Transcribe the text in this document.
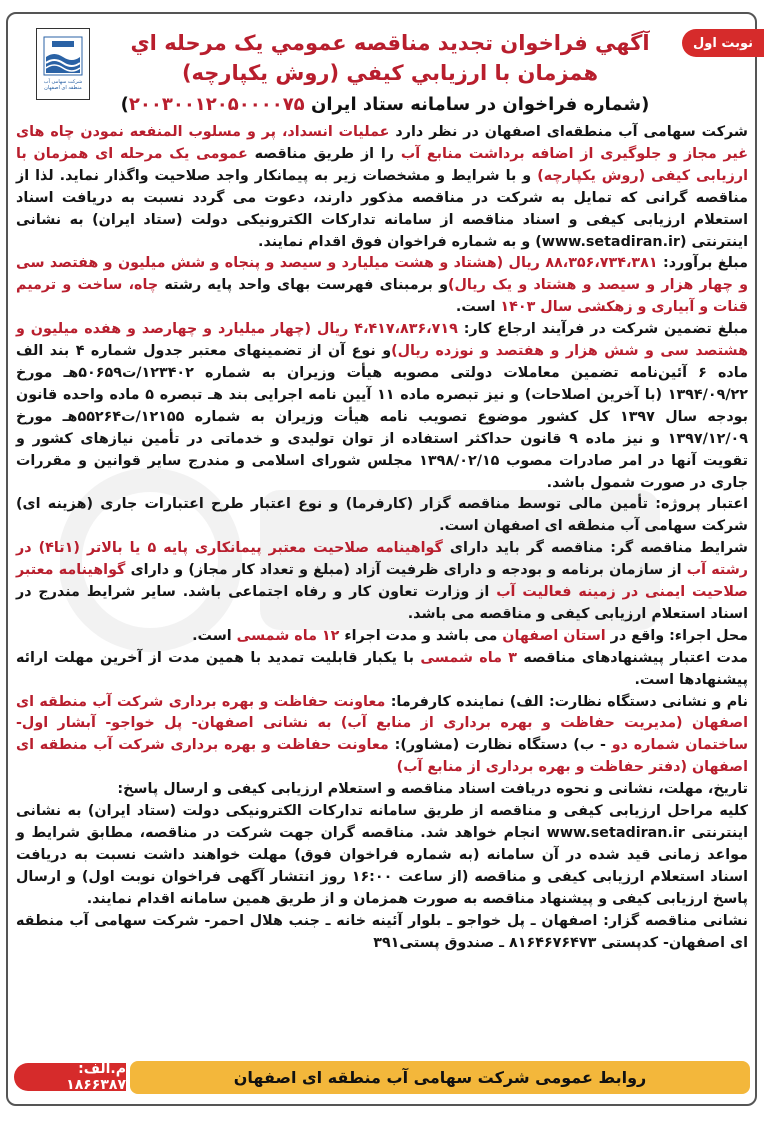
نوبت اول
شرکت سهامی آب منطقه ای اصفهان
آگهي فراخوان تجديد مناقصه عمومي يک مرحله اي
همزمان با ارزيابي کيفي (روش يکپارچه)
(شماره فراخوان در سامانه ستاد ايران ۲۰۰۳۰۰۱۲۰۵۰۰۰۰۷۵)

شرکت سهامی آب منطقه‌ای اصفهان در نظر دارد عملیات انسداد، پر و مسلوب المنفعه نمودن چاه های غیر مجاز و جلوگیری از اضافه برداشت منابع آب را از طریق مناقصه عمومی یک مرحله ای همزمان با ارزیابی کیفی (روش یکپارچه) و با شرایط و مشخصات زیر به پیمانکار واجد صلاحیت واگذار نماید. لذا از مناقصه گرانی که تمایل به شرکت در مناقصه مذکور دارند، دعوت می گردد نسبت به دریافت اسناد استعلام ارزیابی کیفی و اسناد مناقصه از سامانه تدارکات الکترونیکی دولت (ستاد ایران) به نشانی اینترنتی (www.setadiran.ir) و به شماره فراخوان فوق اقدام نمایند.

مبلغ برآورد: ۸۸،۳۵۶،۷۳۴،۳۸۱ ریال (هشتاد و هشت میلیارد و سیصد و پنجاه و شش میلیون و هفتصد سی و چهار هزار و سیصد و هشتاد و یک ریال)و برمبنای فهرست بهای واحد پایه رشته چاه، ساخت و ترمیم قنات و آبیاری و زهکشی سال ۱۴۰۳ است.

مبلغ تضمین شرکت در فرآیند ارجاع کار: ۴،۴۱۷،۸۳۶،۷۱۹ ریال (چهار میلیارد و چهارصد و هفده میلیون و هشتصد سی و شش هزار و هفتصد و نوزده ریال)و نوع آن از تضمینهای معتبر جدول شماره ۴ بند الف ماده ۶ آئین‌نامه تضمین معاملات دولتی مصوبه هیأت وزیران به شماره ۱۲۳۴۰۲/ت۵۰۶۵۹هـ مورخ ۱۳۹۴/۰۹/۲۲ (با آخرین اصلاحات) و نیز تبصره ماده ۱۱ آیین نامه اجرایی بند هـ تبصره ۵ ماده واحده قانون بودجه سال ۱۳۹۷ کل کشور موضوع تصویب نامه هیأت وزیران به شماره ۱۲۱۵۵/ت۵۵۲۶۴هـ مورخ ۱۳۹۷/۱۲/۰۹ و نیز ماده ۹ قانون حداکثر استفاده از توان تولیدی و خدماتی در تأمین نیازهای کشور و تقویت آنها در امر صادرات مصوب ۱۳۹۸/۰۲/۱۵ مجلس شورای اسلامی و مندرج سایر قوانین و مقررات جاری در صورت شمول باشد.

اعتبار پروژه: تأمین مالی توسط مناقصه گزار (کارفرما) و نوع اعتبار طرح اعتبارات جاری (هزینه ای) شرکت سهامی آب منطقه ای اصفهان است.

شرایط مناقصه گر: مناقصه گر باید دارای گواهینامه صلاحیت معتبر پیمانکاری پایه ۵ یا بالاتر (۱تا۴) در رشته آب از سازمان برنامه و بودجه و دارای ظرفیت آزاد (مبلغ و تعداد کار مجاز) و دارای گواهینامه معتبر صلاحیت ایمنی در زمینه فعالیت آب از وزارت تعاون کار و رفاه اجتماعی باشد. سایر شرایط مندرج در اسناد استعلام ارزیابی کیفی و مناقصه می باشد.

محل اجراء: واقع در استان اصفهان می باشد و مدت اجراء ۱۲ ماه شمسی است.

مدت اعتبار پیشنهادهای مناقصه ۳ ماه شمسی با یکبار قابلیت تمدید با همین مدت از آخرین مهلت ارائه پیشنهادها است.

نام و نشانی دستگاه نظارت: الف) نماینده کارفرما: معاونت حفاظت و بهره برداری شرکت آب منطقه ای اصفهان (مدیریت حفاظت و بهره برداری از منابع آب) به نشانی اصفهان- پل خواجو- آبشار اول- ساختمان شماره دو - ب) دستگاه نظارت (مشاور): معاونت حفاظت و بهره برداری شرکت آب منطقه ای اصفهان (دفتر حفاظت و بهره برداری از منابع آب)

تاریخ، مهلت، نشانی و نحوه دریافت اسناد مناقصه و استعلام ارزیابی کیفی و ارسال پاسخ:

کلیه مراحل ارزیابی کیفی و مناقصه از طریق سامانه تدارکات الکترونیکی دولت (ستاد ایران) به نشانی اینترنتی www.setadiran.ir انجام خواهد شد. مناقصه گران جهت شرکت در مناقصه، مطابق شرایط و مواعد زمانی قید شده در آن سامانه (به شماره فراخوان فوق) مهلت خواهند داشت نسبت به دریافت اسناد استعلام ارزیابی کیفی و مناقصه (از ساعت ۱۶:۰۰ روز انتشار آگهی فراخوان نوبت اول) و ارسال پاسخ ارزیابی کیفی و پیشنهاد مناقصه به صورت همزمان و از طریق همین سامانه اقدام نمایند.

نشانی مناقصه گزار: اصفهان ـ پل خواجو ـ بلوار آئینه خانه ـ جنب هلال احمر- شرکت سهامی آب منطقه ای اصفهان- کدپستی ۸۱۶۴۶۷۶۴۷۳ ـ صندوق پستی۳۹۱

روابط عمومی شرکت سهامی آب منطقه ای اصفهان
م.الف: ۱۸۶۶۳۸۷
